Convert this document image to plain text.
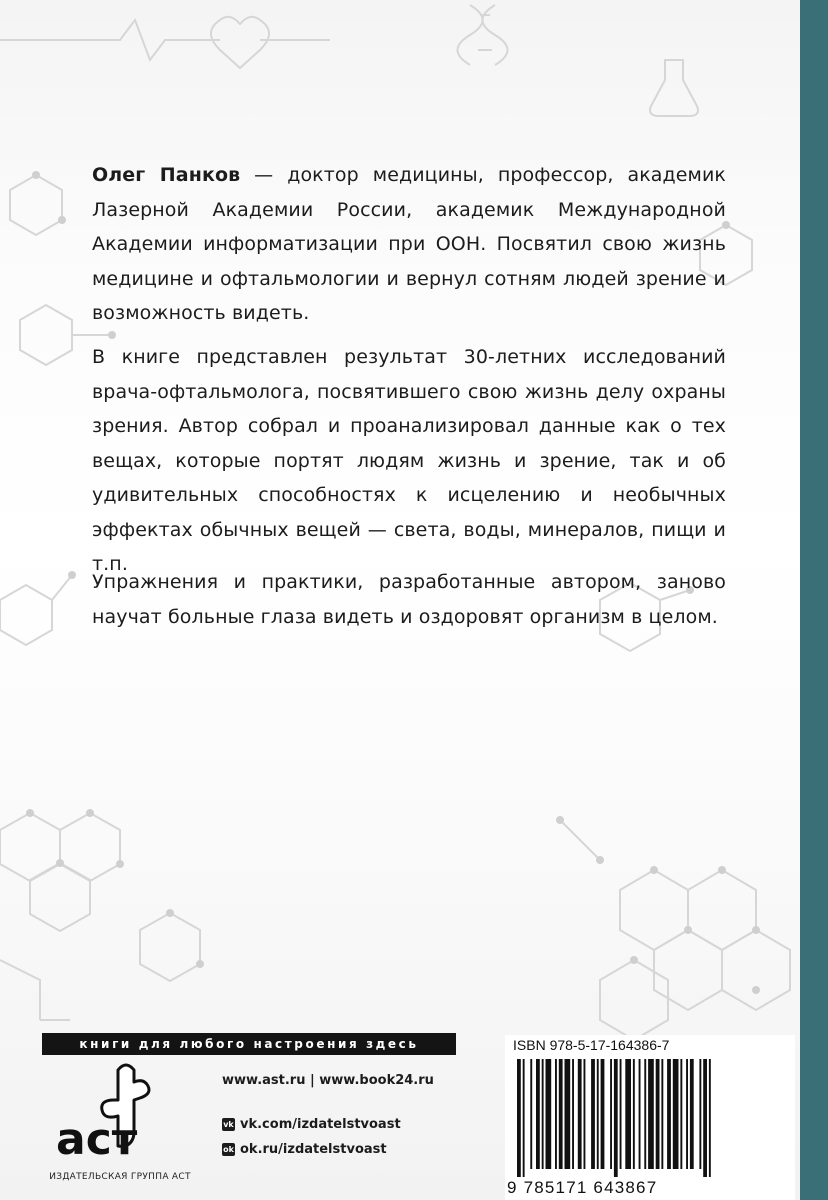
Олег Панков — доктор медицины, профессор, академик Лазерной Академии России, академик Международной Академии информатизации при ООН. Посвятил свою жизнь медицине и офтальмологии и вернул сотням людей зрение и возможность видеть.

В книге представлен результат 30-летних исследований врача-офтальмолога, посвятившего свою жизнь делу охраны зрения. Автор собрал и проанализировал данные как о тех вещах, которые портят людям жизнь и зрение, так и об удивительных способностях к исцелению и необычных эффектах обычных вещей — света, воды, минералов, пищи и т.п.

Упражнения и практики, разработанные автором, заново научат больные глаза видеть и оздоровят организм в целом.

книги для любого настроения здесь
аст
ИЗДАТЕЛЬСКАЯ ГРУППА АСТ
www.ast.ru | www.book24.ru
vk vk.com/izdatelstvoast
ok ok.ru/izdatelstvoast
ISBN 978-5-17-164386-7
9 785171 643867
